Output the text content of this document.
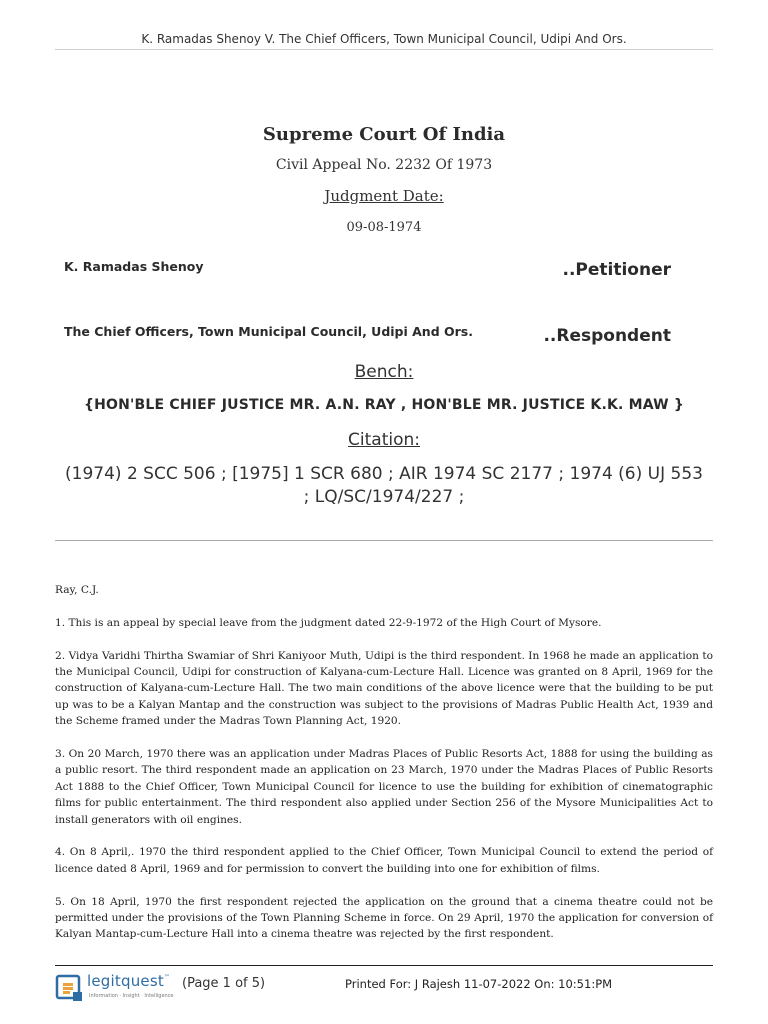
K. Ramadas Shenoy V. The Chief Officers, Town Municipal Council, Udipi And Ors.
Supreme Court Of India
Civil Appeal No. 2232 Of 1973
Judgment Date:
09-08-1974
K. Ramadas Shenoy	..Petitioner
The Chief Officers, Town Municipal Council, Udipi And Ors.	..Respondent
Bench:
{HON'BLE CHIEF JUSTICE MR. A.N. RAY , HON'BLE MR. JUSTICE K.K. MAW }
Citation:
(1974) 2 SCC 506 ; [1975] 1 SCR 680 ; AIR 1974 SC 2177 ; 1974 (6) UJ 553 ; LQ/SC/1974/227 ;

Ray, C.J.

1. This is an appeal by special leave from the judgment dated 22-9-1972 of the High Court of Mysore.

2. Vidya Varidhi Thirtha Swamiar of Shri Kaniyoor Muth, Udipi is the third respondent. In 1968 he made an application to the Municipal Council, Udipi for construction of Kalyana-cum-Lecture Hall. Licence was granted on 8 April, 1969 for the construction of Kalyana-cum-Lecture Hall. The two main conditions of the above licence were that the building to be put up was to be a Kalyan Mantap and the construction was subject to the provisions of Madras Public Health Act, 1939 and the Scheme framed under the Madras Town Planning Act, 1920.

3. On 20 March, 1970 there was an application under Madras Places of Public Resorts Act, 1888 for using the building as a public resort. The third respondent made an application on 23 March, 1970 under the Madras Places of Public Resorts Act 1888 to the Chief Officer, Town Municipal Council for licence to use the building for exhibition of cinematographic films for public entertainment. The third respondent also applied under Section 256 of the Mysore Municipalities Act to install generators with oil engines.

4. On 8 April,. 1970 the third respondent applied to the Chief Officer, Town Municipal Council to extend the period of licence dated 8 April, 1969 and for permission to convert the building into one for exhibition of films.

5. On 18 April, 1970 the first respondent rejected the application on the ground that a cinema theatre could not be permitted under the provisions of the Town Planning Scheme in force. On 29 April, 1970 the application for conversion of Kalyan Mantap-cum-Lecture Hall into a cinema theatre was rejected by the first respondent.

legitquest™
Information · Insight · Intelligence
(Page 1 of 5)	Printed For: J Rajesh 11-07-2022 On: 10:51:PM
